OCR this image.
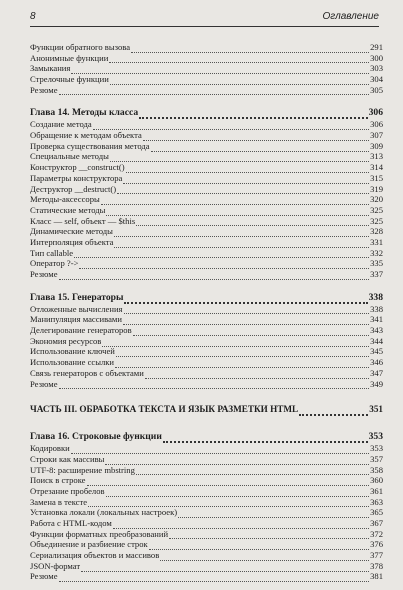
8	Оглавление
Функции обратного вызова	291
Анонимные функции	300
Замыкания	303
Стрелочные функции	304
Резюме	305
Глава 14. Методы класса	306
Создание метода	306
Обращение к методам объекта	307
Проверка существования метода	309
Специальные методы	313
Конструктор __construct()	314
Параметры конструктора	315
Деструктор __destruct()	319
Методы-аксессоры	320
Статические методы	325
Класс — self, объект — $this	325
Динамические методы	328
Интерполяция объекта	331
Тип callable	332
Оператор ?->	335
Резюме	337
Глава 15. Генераторы	338
Отложенные вычисления	338
Манипуляция массивами	341
Делегирование генераторов	343
Экономия ресурсов	344
Использование ключей	345
Использование ссылки	346
Связь генераторов с объектами	347
Резюме	349
ЧАСТЬ III. ОБРАБОТКА ТЕКСТА И ЯЗЫК РАЗМЕТКИ HTML	351
Глава 16. Строковые функции	353
Кодировки	353
Строки как массивы	357
UTF-8: расширение mbstring	358
Поиск в строке	360
Отрезание пробелов	361
Замена в тексте	363
Установка локали (локальных настроек)	365
Работа с HTML-кодом	367
Функции форматных преобразований	372
Объединение и разбиение строк	376
Сериализация объектов и массивов	377
JSON-формат	378
Резюме	381
